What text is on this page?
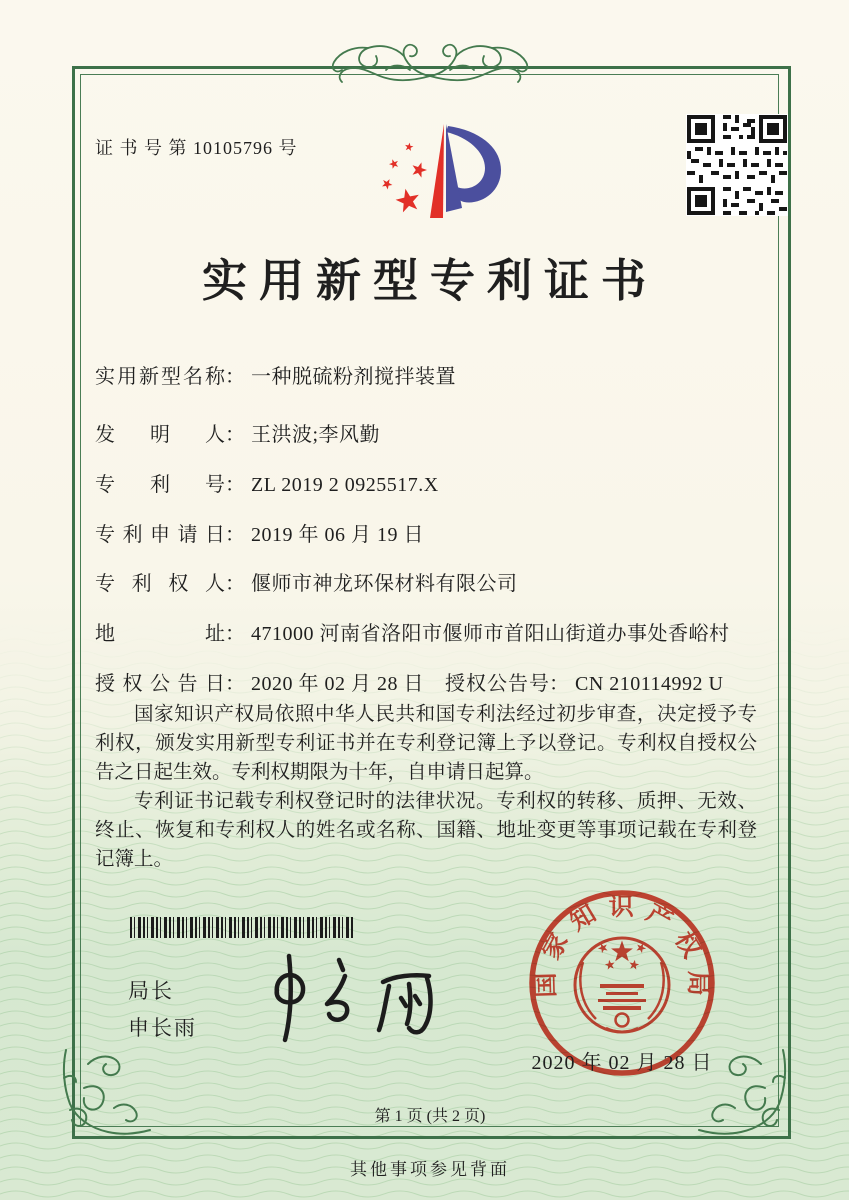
证 书 号 第 10105796 号
实用新型专利证书
实用新型名称： 一种脱硫粉剂搅拌装置
发明人： 王洪波;李风勤
专利号： ZL 2019 2 0925517.X
专利申请日： 2019 年 06 月 19 日
专利权人： 偃师市神龙环保材料有限公司
地址： 471000 河南省洛阳市偃师市首阳山街道办事处香峪村
授权公告日： 2020 年 02 月 28 日 授权公告号： CN 210114992 U

国家知识产权局依照中华人民共和国专利法经过初步审查，决定授予专利权，颁发实用新型专利证书并在专利登记簿上予以登记。专利权自授权公告之日起生效。专利权期限为十年，自申请日起算。

专利证书记载专利权登记时的法律状况。专利权的转移、质押、无效、终止、恢复和专利权人的姓名或名称、国籍、地址变更等事项记载在专利登记簿上。

局长
申长雨
国家知识产权局
2020 年 02 月 28 日
第 1 页 (共 2 页)
其他事项参见背面
